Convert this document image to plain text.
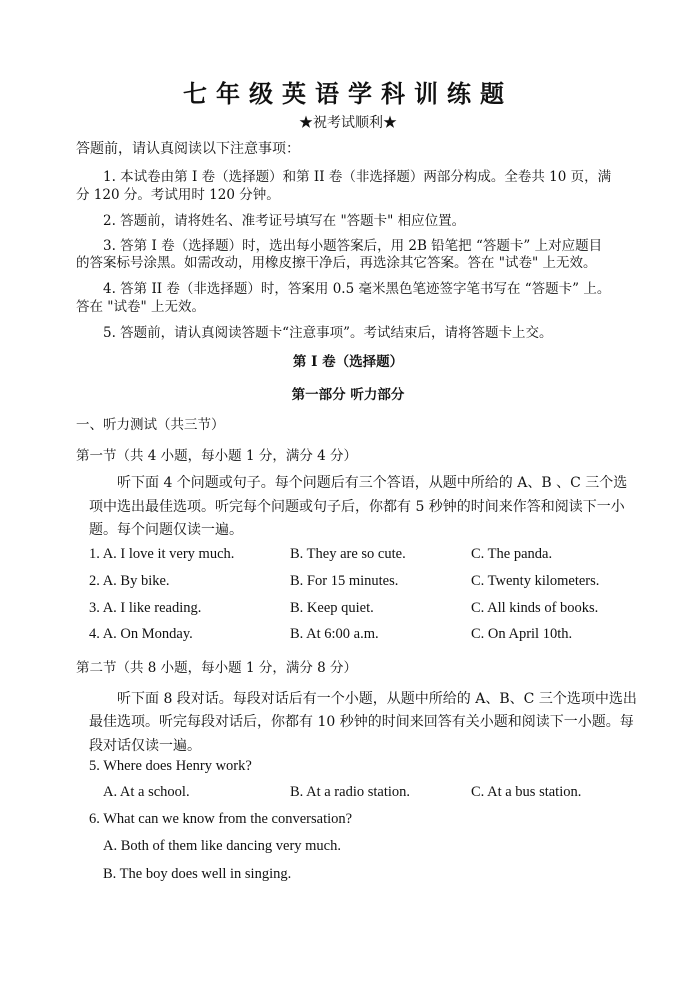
七年级英语学科训练题
★祝考试顺利★
答题前，请认真阅读以下注意事项：
1. 本试卷由第 I 卷（选择题）和第 II 卷（非选择题）两部分构成。全卷共 10 页，满
分 120 分。考试用时 120 分钟。
2. 答题前，请将姓名、准考证号填写在 "答题卡" 相应位置。
3. 答第 I 卷（选择题）时，选出每小题答案后，用 2B 铅笔把 “答题卡” 上对应题目
的答案标号涂黑。如需改动，用橡皮擦干净后，再选涂其它答案。答在 "试卷" 上无效。
4. 答第 II 卷（非选择题）时，答案用 0.5 毫米黑色笔迹签字笔书写在 “答题卡” 上。
答在 "试卷" 上无效。
5. 答题前，请认真阅读答题卡“注意事项”。考试结束后，请将答题卡上交。
第 I 卷（选择题）
第一部分 听力部分
一、听力测试（共三节）
第一节（共 4 小题，每小题 1 分，满分 4 分）
听下面 4 个问题或句子。每个问题后有三个答语，从题中所给的 A、B 、C 三个选
项中选出最佳选项。听完每个问题或句子后，你都有 5 秒钟的时间来作答和阅读下一小
题。每个问题仅读一遍。
1. A. I love it very much.	B. They are so cute.	C. The panda.
2. A. By bike.	B. For 15 minutes.	C. Twenty kilometers.
3. A. I like reading.	B. Keep quiet.	C. All kinds of books.
4. A. On Monday.	B. At 6:00 a.m.	C. On April 10th.
第二节（共 8 小题，每小题 1 分，满分 8 分）
听下面 8 段对话。每段对话后有一个小题，从题中所给的 A、B、C 三个选项中选出
最佳选项。听完每段对话后，你都有 10 秒钟的时间来回答有关小题和阅读下一小题。每
段对话仅读一遍。
5. Where does Henry work?
A. At a school.	B. At a radio station.	C. At a bus station.
6. What can we know from the conversation?
A. Both of them like dancing very much.
B. The boy does well in singing.
